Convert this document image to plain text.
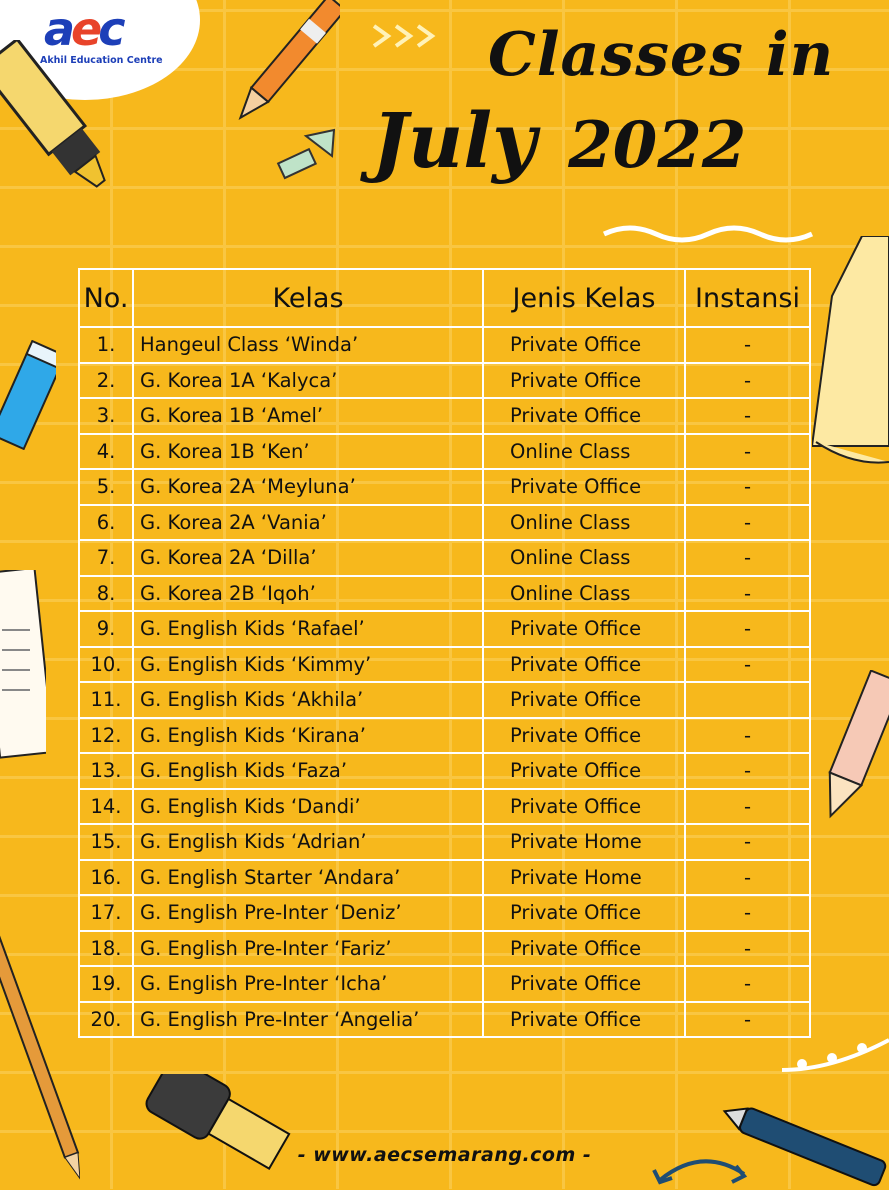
aec
Akhil Education Centre	Classes in
July 2022
No.	Kelas	Jenis Kelas	Instansi
1.	Hangeul Class ‘Winda’	Private Office	-
2.	G. Korea 1A ‘Kalyca’	Private Office	-
3.	G. Korea 1B ‘Amel’	Private Office	-
4.	G. Korea 1B ‘Ken’	Online Class	-
5.	G. Korea 2A ‘Meyluna’	Private Office	-
6.	G. Korea 2A ‘Vania’	Online Class	-
7.	G. Korea 2A ‘Dilla’	Online Class	-
8.	G. Korea 2B ‘Iqoh’	Online Class	-
9.	G. English Kids ‘Rafael’	Private Office	-
10.	G. English Kids ‘Kimmy’	Private Office	-
11.	G. English Kids ‘Akhila’	Private Office	
12.	G. English Kids ‘Kirana’	Private Office	-
13.	G. English Kids ‘Faza’	Private Office	-
14.	G. English Kids ‘Dandi’	Private Office	-
15.	G. English Kids ‘Adrian’	Private Home	-
16.	G. English Starter ‘Andara’	Private Home	-
17.	G. English Pre-Inter ‘Deniz’	Private Office	-
18.	G. English Pre-Inter ‘Fariz’	Private Office	-
19.	G. English Pre-Inter ‘Icha’	Private Office	-
20.	G. English Pre-Inter ‘Angelia’	Private Office	-
- www.aecsemarang.com -
